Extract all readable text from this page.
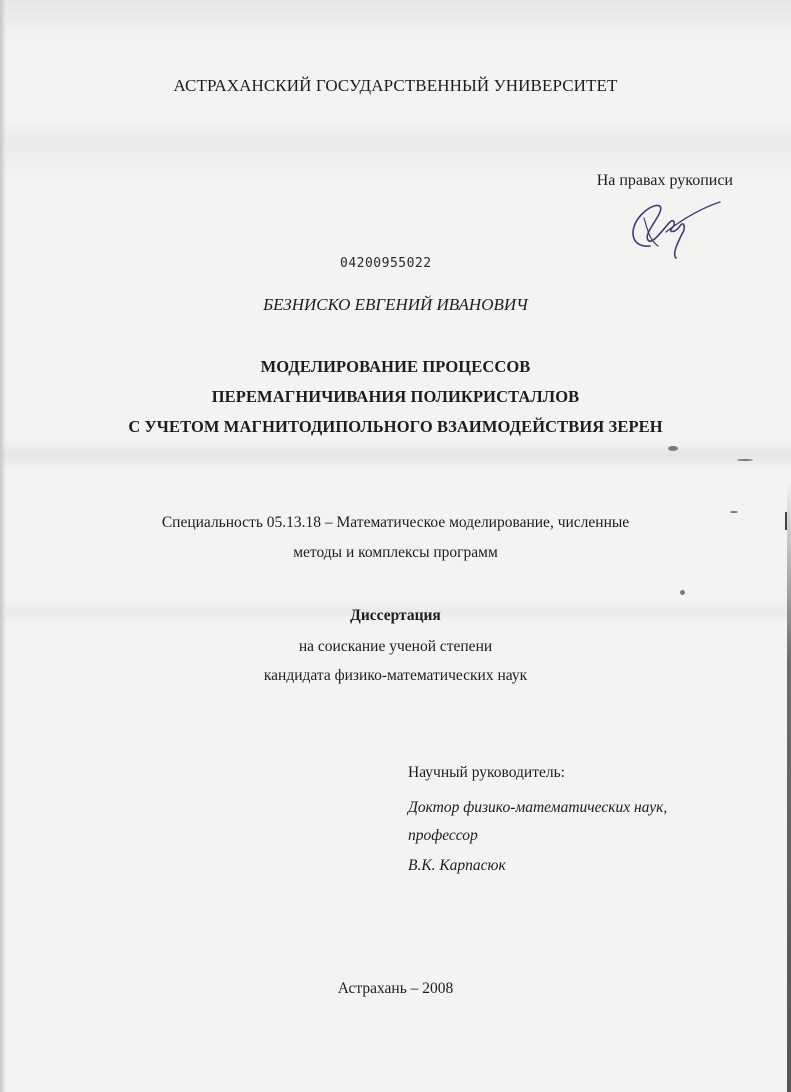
АСТРАХАНСКИЙ ГОСУДАРСТВЕННЫЙ УНИВЕРСИТЕТ
На правах рукописи
04200955022
БЕЗНИСКО ЕВГЕНИЙ ИВАНОВИЧ
МОДЕЛИРОВАНИЕ ПРОЦЕССОВ
ПЕРЕМАГНИЧИВАНИЯ ПОЛИКРИСТАЛЛОВ
С УЧЕТОМ МАГНИТОДИПОЛЬНОГО ВЗАИМОДЕЙСТВИЯ ЗЕРЕН
Специальность 05.13.18 – Математическое моделирование, численные
методы и комплексы программ
Диссертация
на соискание ученой степени
кандидата физико-математических наук
Научный руководитель:
Доктор физико-математических наук,
профессор
В.К. Карпасюк
Астрахань – 2008
